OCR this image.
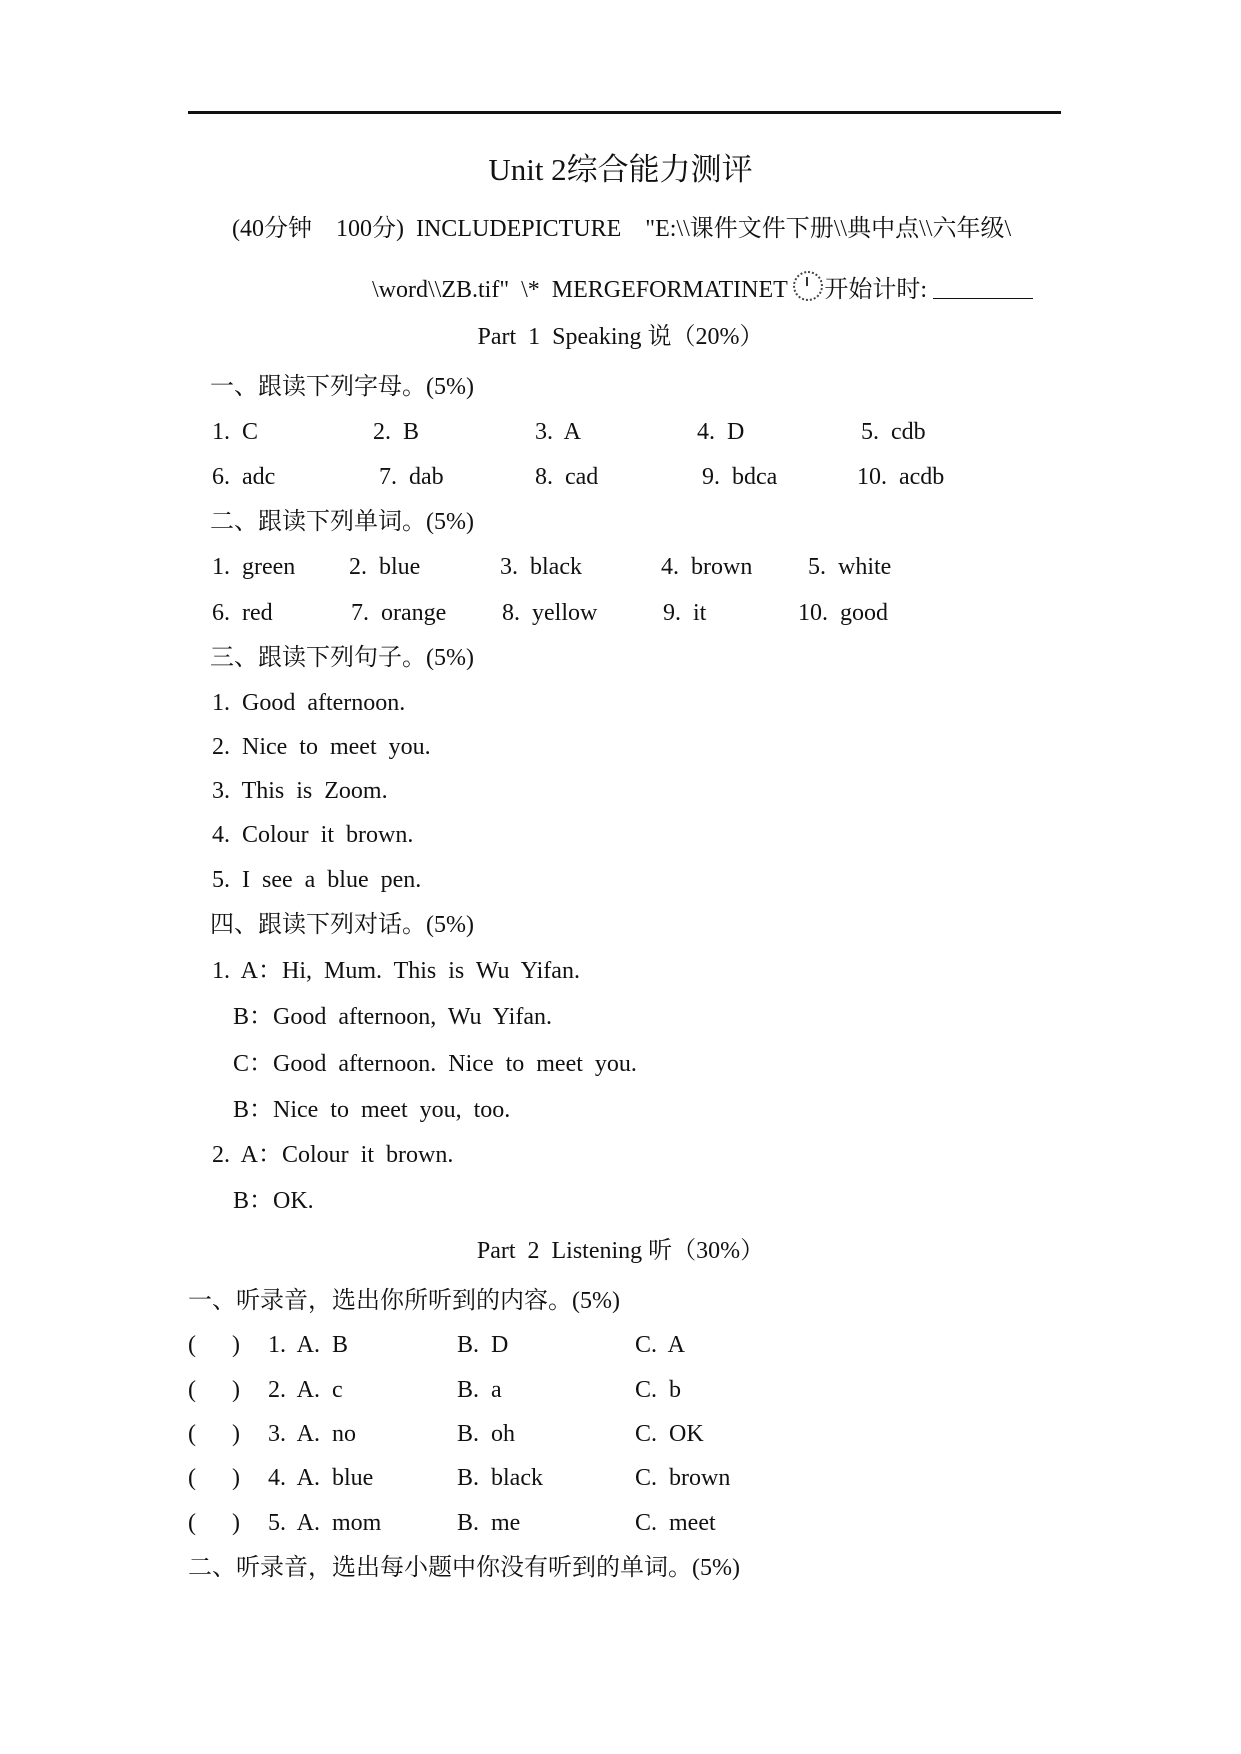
Unit 2综合能力测评
(40分钟　100分)  INCLUDEPICTURE　"E:\\课件文件下册\\典中点\\六年级\
\word\\ZB.tif"  \*  MERGEFORMATINET 开始计时:
Part  1  Speaking 说（20%）
一、跟读下列字母。(5%)
1.  C	2.  B	3.  A	4.  D	5.  cdb
6.  adc	7.  dab	8.  cad	9.  bdca	10.  acdb
二、跟读下列单词。(5%)
1.  green 2.  blue	3.  black	4.  brown 5.  white
6.  red	7.  orange 8.  yellow	9.  it	10.  good
三、跟读下列句子。(5%)
1.  Good  afternoon.
2.  Nice  to  meet  you.
3.  This  is  Zoom.
4.  Colour  it  brown.
5.  I  see  a  blue  pen.
四、跟读下列对话。(5%)
1.  A：Hi,  Mum.  This  is  Wu  Yifan.
B：Good  afternoon,  Wu  Yifan.
C：Good  afternoon.  Nice  to  meet  you.
B：Nice  to  meet  you,  too.
2.  A：Colour  it  brown.
B：OK.
Part  2  Listening 听（30%）
一、听录音，选出你所听到的内容。(5%)
(      ) 1.  A.  B	B.  D	C.  A
(      ) 2.  A.  c	B.  a	C.  b
(      ) 3.  A.  no	B.  oh	C.  OK
(      ) 4.  A.  blue	B.  black	C.  brown
(      ) 5.  A.  mom	B.  me	C.  meet
二、听录音，选出每小题中你没有听到的单词。(5%)
